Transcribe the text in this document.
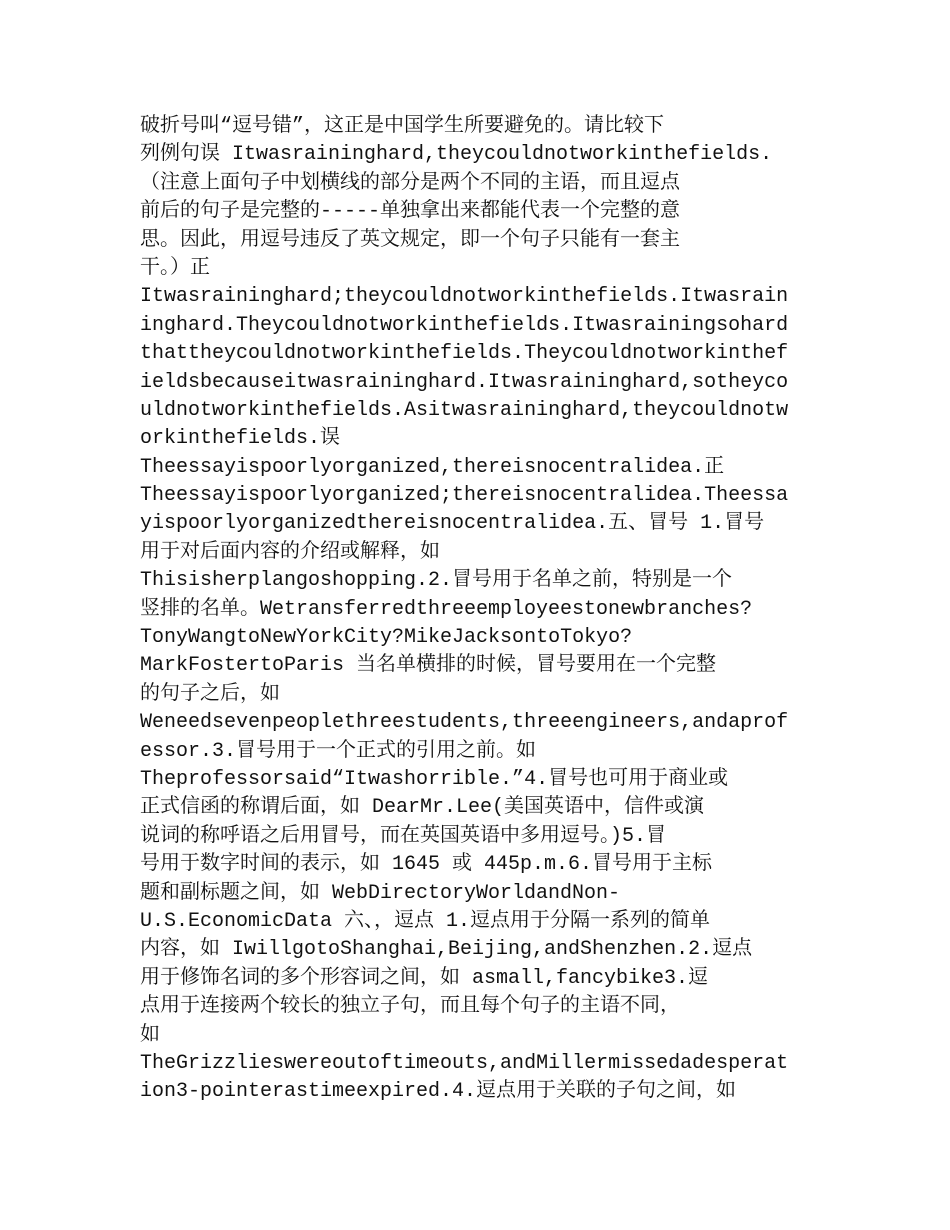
破折号叫“逗号错”，这正是中国学生所要避免的。请比较下
列例句误 Itwasraininghard,theycouldnotworkinthefields.
（注意上面句子中划横线的部分是两个不同的主语，而且逗点
前后的句子是完整的-----单独拿出来都能代表一个完整的意
思。因此，用逗号违反了英文规定，即一个句子只能有一套主
干。）正
Itwasraininghard;theycouldnotworkinthefields.Itwasrain
inghard.Theycouldnotworkinthefields.Itwasrainingsohard
thattheycouldnotworkinthefields.Theycouldnotworkinthef
ieldsbecauseitwasraininghard.Itwasraininghard,sotheyco
uldnotworkinthefields.Asitwasraininghard,theycouldnotw
orkinthefields.误
Theessayispoorlyorganized,thereisnocentralidea.正
Theessayispoorlyorganized;thereisnocentralidea.Theessa
yispoorlyorganizedthereisnocentralidea.五、冒号 1.冒号
用于对后面内容的介绍或解释，如
Thisisherplangoshopping.2.冒号用于名单之前，特别是一个
竖排的名单。Wetransferredthreeemployeestonewbranches?
TonyWangtoNewYorkCity?MikeJacksontoTokyo?
MarkFostertoParis 当名单横排的时候，冒号要用在一个完整
的句子之后，如
Weneedsevenpeoplethreestudents,threeengineers,andaprof
essor.3.冒号用于一个正式的引用之前。如
Theprofessorsaid“Itwashorrible.”4.冒号也可用于商业或
正式信函的称谓后面，如 DearMr.Lee(美国英语中，信件或演
说词的称呼语之后用冒号，而在英国英语中多用逗号。)5.冒
号用于数字时间的表示，如 1645 或 445p.m.6.冒号用于主标
题和副标题之间，如 WebDirectoryWorldandNon-
U.S.EconomicData 六、，逗点 1.逗点用于分隔一系列的简单
内容，如 IwillgotoShanghai,Beijing,andShenzhen.2.逗点
用于修饰名词的多个形容词之间，如 asmall,fancybike3.逗
点用于连接两个较长的独立子句，而且每个句子的主语不同，
如
TheGrizzlieswereoutoftimeouts,andMillermissedadesperat
ion3-pointerastimeexpired.4.逗点用于关联的子句之间，如
